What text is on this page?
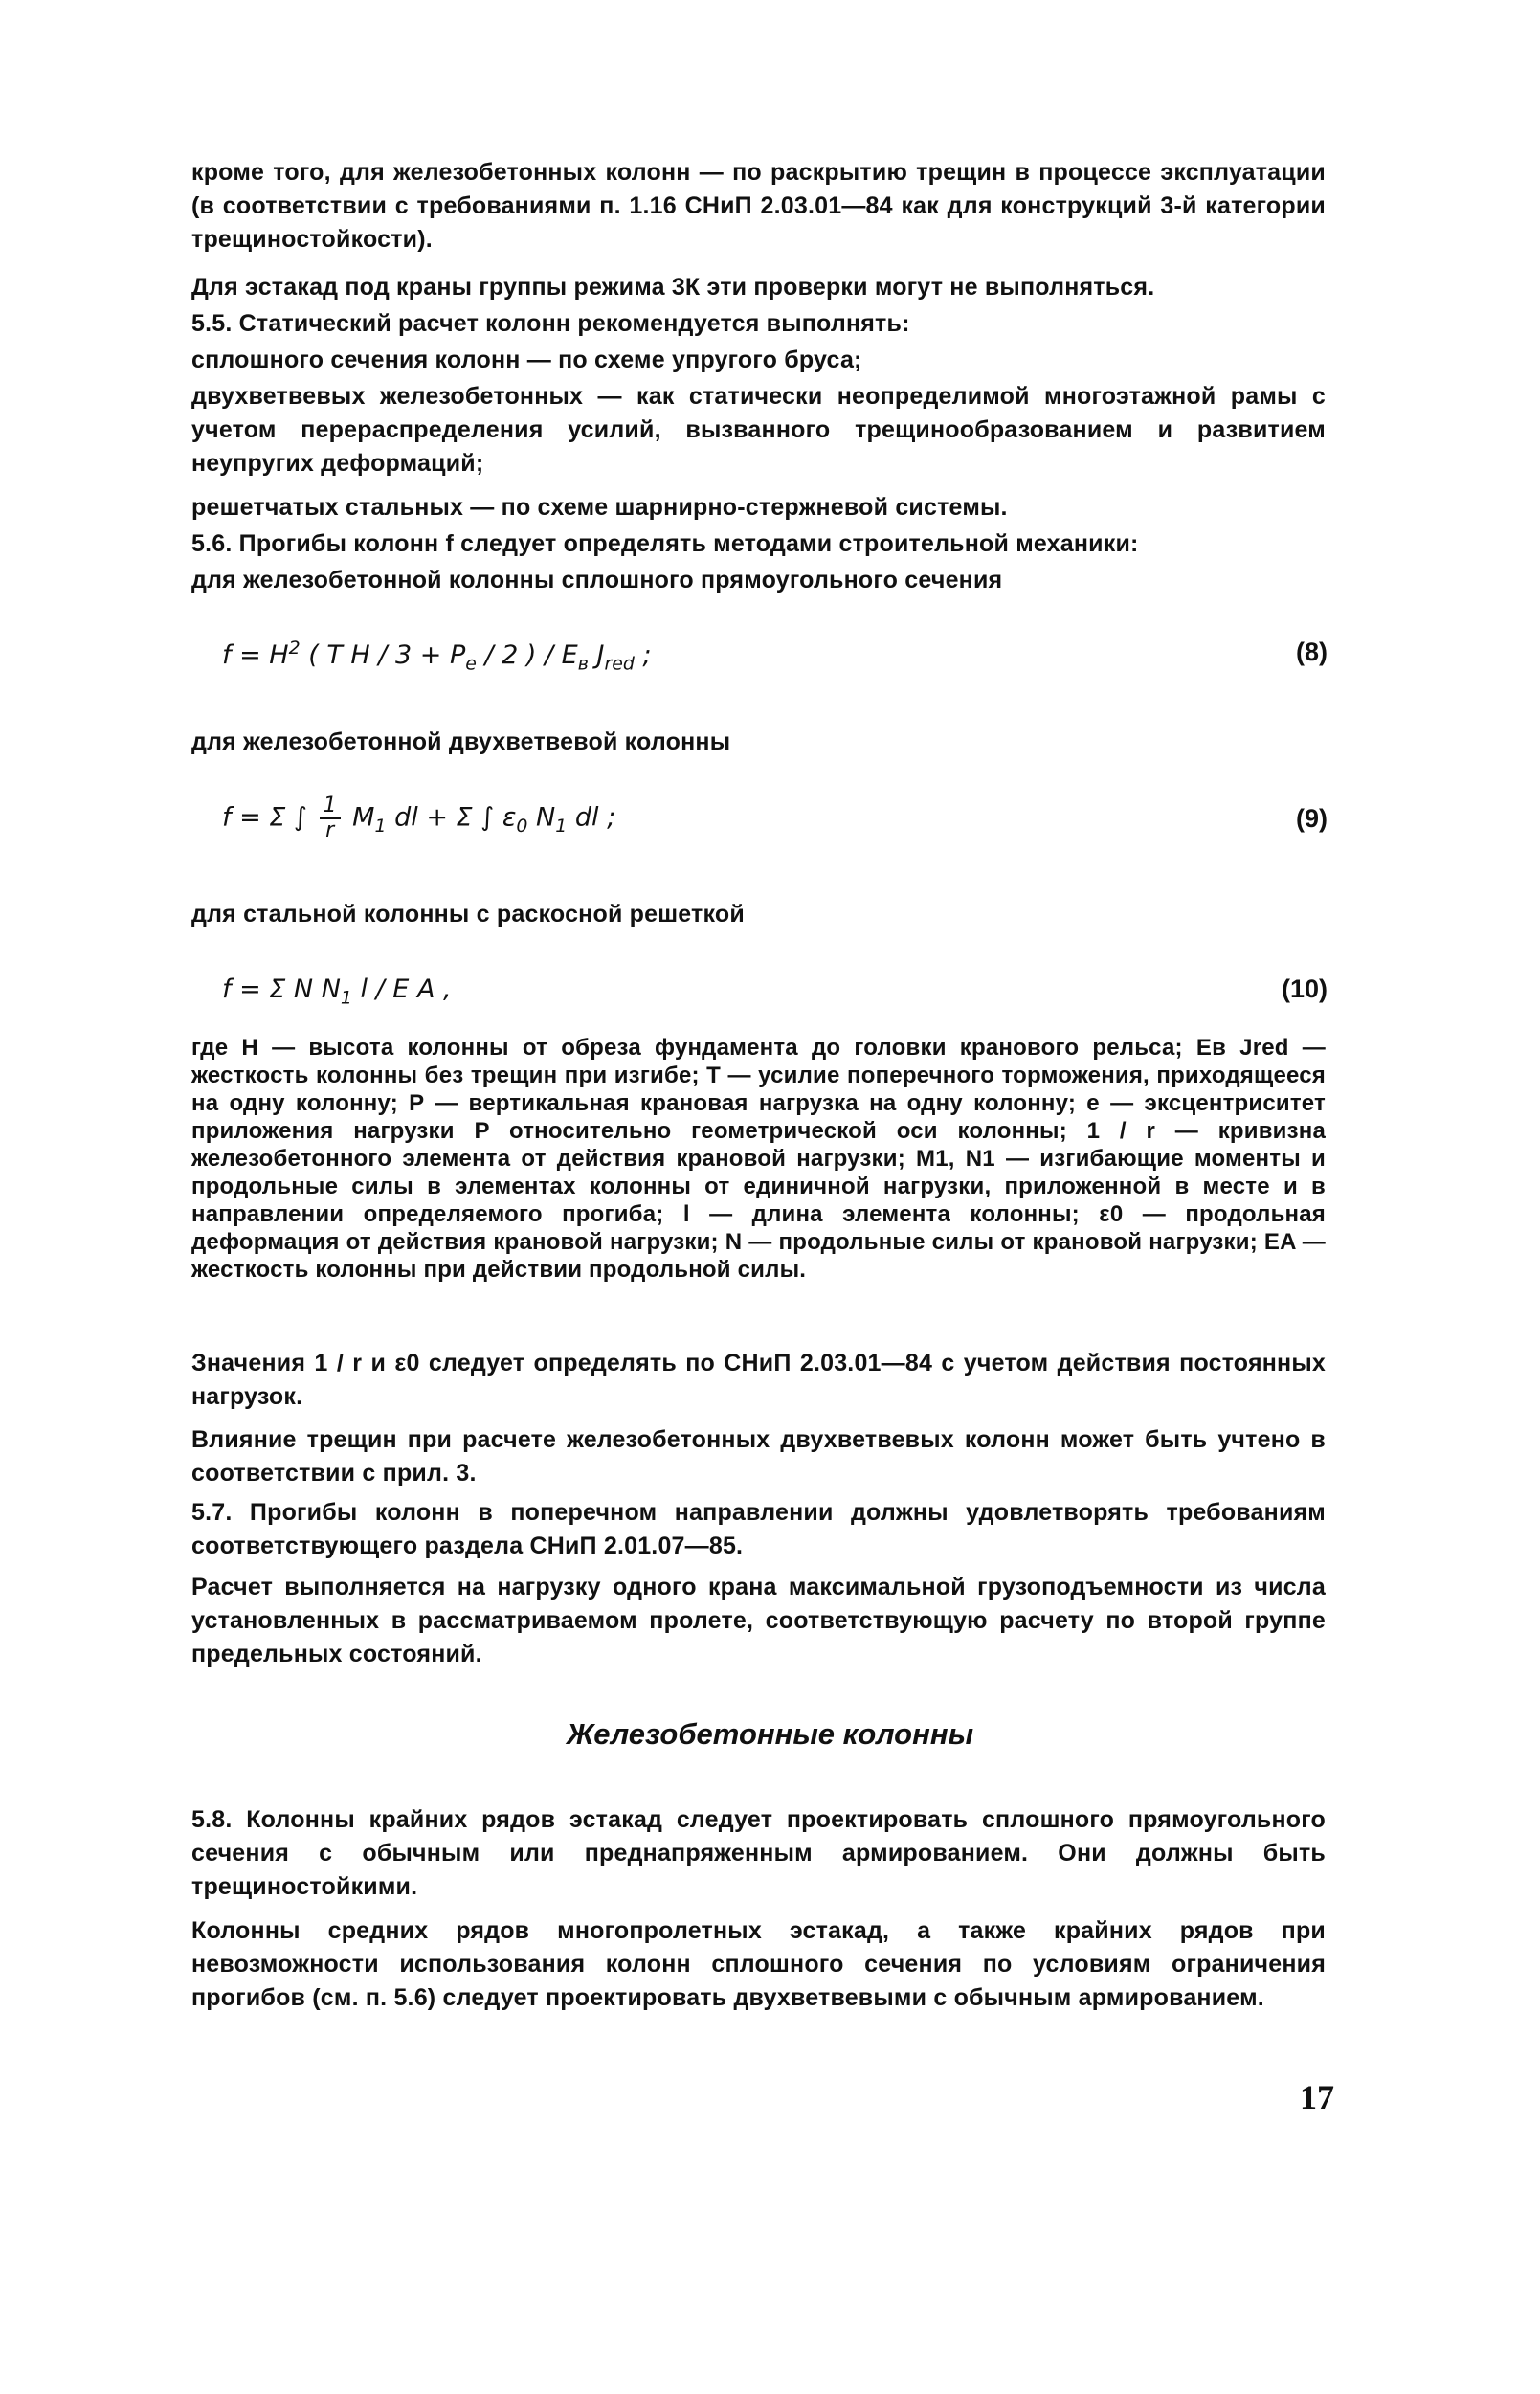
кроме того, для железобетонных колонн — по раскрытию трещин в процессе эксплуатации (в соответствии с требованиями п. 1.16 СНиП 2.03.01—84 как для конструкций 3-й категории трещиностойкости).
Для эстакад под краны группы режима 3К эти проверки могут не выполняться.
5.5. Статический расчет колонн рекомендуется выполнять:
сплошного сечения колонн — по схеме упругого бруса;
двухветвевых железобетонных — как статически неопределимой многоэтажной рамы с учетом перераспределения усилий, вызванного трещинообразованием и развитием неупругих деформаций;
решетчатых стальных — по схеме шарнирно-стержневой системы.
5.6. Прогибы колонн f следует определять методами строительной механики:
для железобетонной колонны сплошного прямоугольного сечения
$f = H^2$ ( T $H / 3 + P_e / 2$ ) / $E_в$ $J_{red}$ ;	(8)
для железобетонной двухветвевой колонны
f = Σ ∫ $\frac{1}{r} M_1$ dl + Σ ∫ $\varepsilon_0$ $N_1$ dl ;	(9)
для стальной колонны с раскосной решеткой
f = Σ N $N_1$ l / E A ,	(10)
где H — высота колонны от обреза фундамента до головки кранового рельса; Eв Jred — жесткость колонны без трещин при изгибе; T — усилие поперечного торможения, приходящееся на одну колонну; P — вертикальная крановая нагрузка на одну колонну; e — эксцентриситет приложения нагрузки P относительно геометрической оси колонны; 1 / r — кривизна железобетонного элемента от действия крановой нагрузки; M1, N1 — изгибающие моменты и продольные силы в элементах колонны от единичной нагрузки, приложенной в месте и в направлении определяемого прогиба; l — длина элемента колонны; ε0 — продольная деформация от действия крановой нагрузки; N — продольные силы от крановой нагрузки; EA — жесткость колонны при действии продольной силы.
Значения 1 / r и ε0 следует определять по СНиП 2.03.01—84 с учетом действия постоянных нагрузок.
Влияние трещин при расчете железобетонных двухветвевых колонн может быть учтено в соответствии с прил. 3.
5.7. Прогибы колонн в поперечном направлении должны удовлетворять требованиям соответствующего раздела СНиП 2.01.07—85.
Расчет выполняется на нагрузку одного крана максимальной грузоподъемности из числа установленных в рассматриваемом пролете, соответствующую расчету по второй группе предельных состояний.
Железобетонные колонны
5.8. Колонны крайних рядов эстакад следует проектировать сплошного прямоугольного сечения с обычным или преднапряженным армированием. Они должны быть трещиностойкими.
Колонны средних рядов многопролетных эстакад, а также крайних рядов при невозможности использования колонн сплошного сечения по условиям ограничения прогибов (см. п. 5.6) следует проектировать двухветвевыми с обычным армированием.
17
